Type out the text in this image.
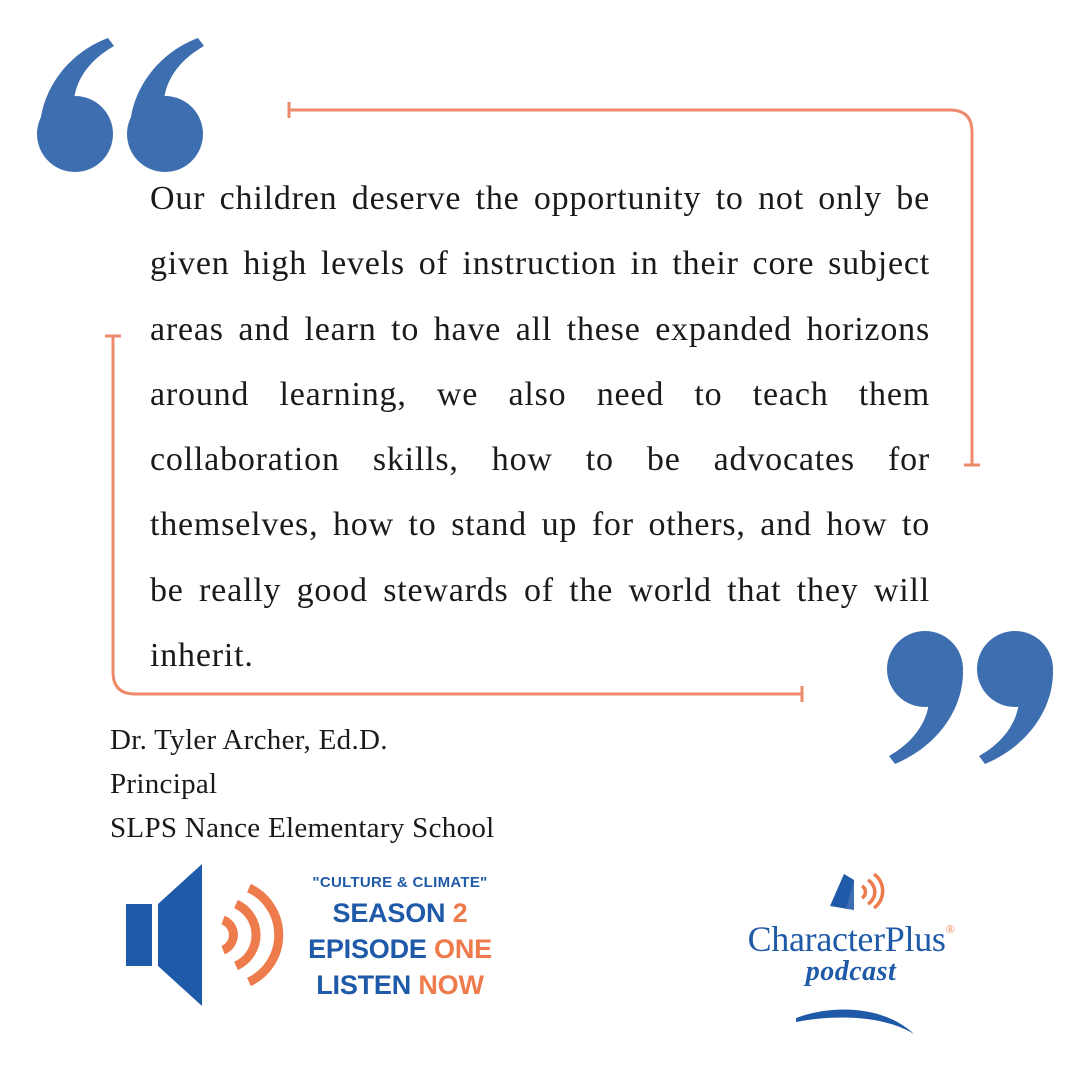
Our children deserve the opportunity to not only be given high levels of instruction in their core subject areas and learn to have all these expanded horizons around learning, we also need to teach them collaboration skills, how to be advocates for themselves, how to stand up for others, and how to be really good stewards of the world that they will inherit.
Dr. Tyler Archer, Ed.D.
Principal
SLPS Nance Elementary School
"CULTURE & CLIMATE"
SEASON 2
EPISODE ONE
LISTEN NOW
CharacterPlus®
podcast
